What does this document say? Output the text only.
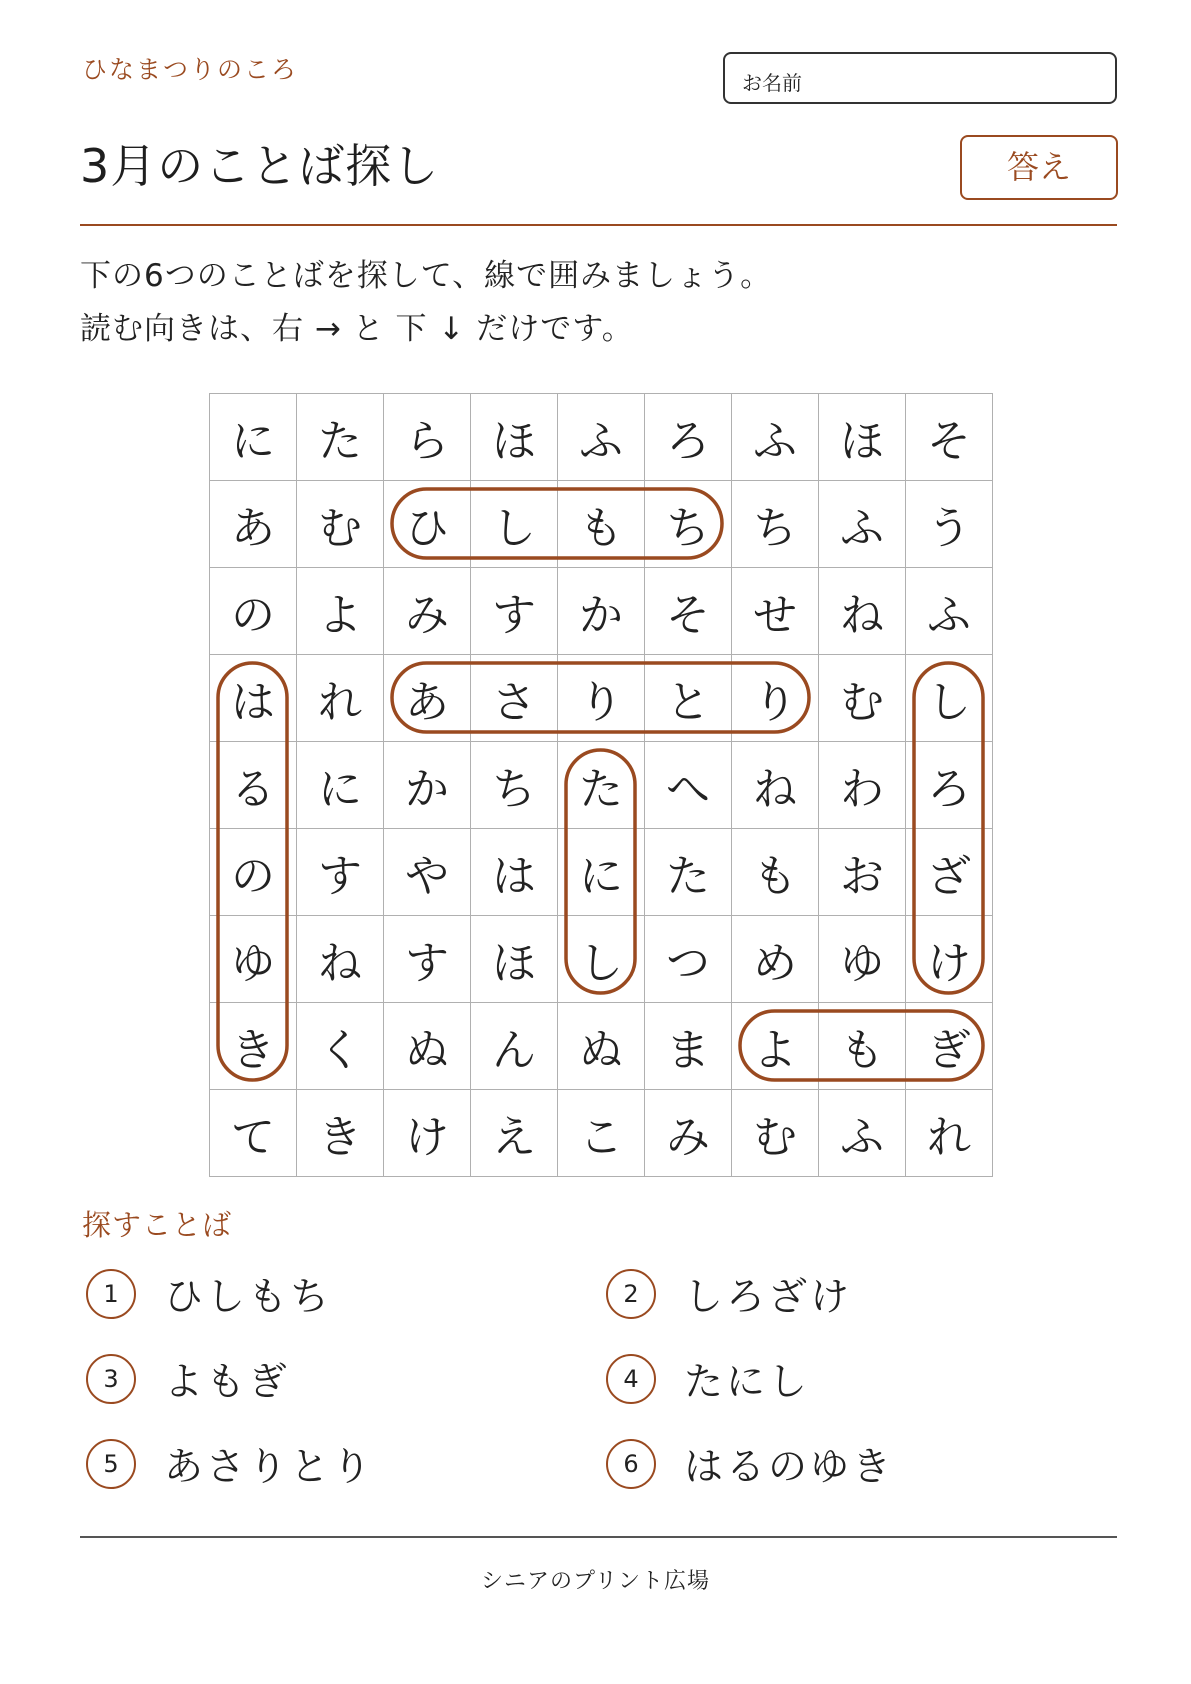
ひなまつりのころ	お名前
3月のことば探し	答え
下の6つのことばを探して、線で囲みましょう。
読む向きは、右 → と 下 ↓ だけです。
に た ら ほ ふ ろ ふ ほ そ
あ む ひ し も ち ち ふ う
の よ み す か そ せ ね ふ
は れ あ さ り と り む し
る に か ち た へ ね わ ろ
の す や は に た も お ざ
ゆ ね す ほ し つ め ゆ け
き く ぬ ん ぬ ま よ も ぎ
て き け え こ み む ふ れ
探すことば
1	ひしもち	2	しろざけ
3	よもぎ	4	たにし
5	あさりとり	6	はるのゆき
シニアのプリント広場
